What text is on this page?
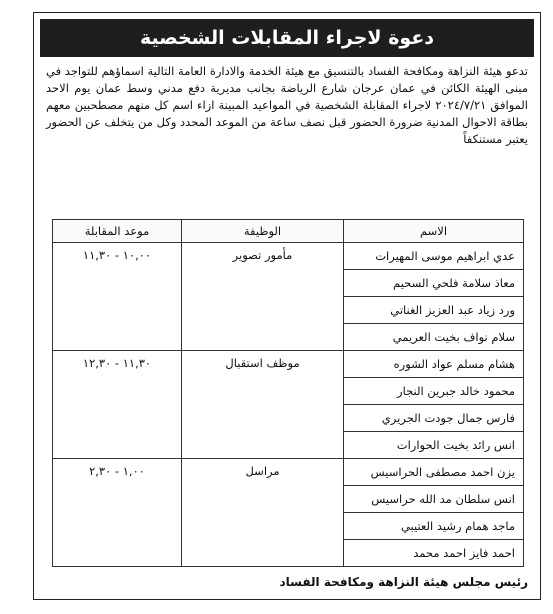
دعوة لاجراء المقابلات الشخصية
تدعو هيئة النزاهة ومكافحة الفساد بالتنسيق مع هيئة الخدمة والادارة العامة التالية اسماؤهم للتواجد في مبنى الهيئة الكائن في عمان عرجان شارع الرياضة بجانب مديرية دفع مدني وسط عمان يوم الاحد الموافق ٢٠٢٤/٧/٢١ لاجراء المقابلة الشخصية في المواعيد المبينة ازاء اسم كل منهم مصطحبين معهم بطاقة الاحوال المدنية ضرورة الحضور قبل نصف ساعة من الموعد المحدد وكل من يتخلف عن الحضور يعتبر مستنكفاً
الاسم	الوظيفة	موعد المقابلة
عدي ابراهيم موسى المهيرات	مأمور تصوير	١٠,٠٠ - ١١,٣٠
معاذ سلامة فلحي السحيم		
ورد زياد عبد العزيز الغناتي		
سلام نواف بخيت العريمي		
هشام مسلم عواد الشوره	موظف استقبال	١١,٣٠ - ١٢,٣٠
محمود خالد جبرين النجار		
فارس جمال جودت الجريري		
انس رائد بخيت الحوارات		
يزن احمد مصطفى الحراسيس	مراسل	١,٠٠ - ٢,٣٠
انس سلطان مد الله حراسيس		
ماجد همام رشيد العتيبي		
احمد فايز احمد محمد		
رئيس مجلس هيئة النزاهة ومكافحة الفساد
